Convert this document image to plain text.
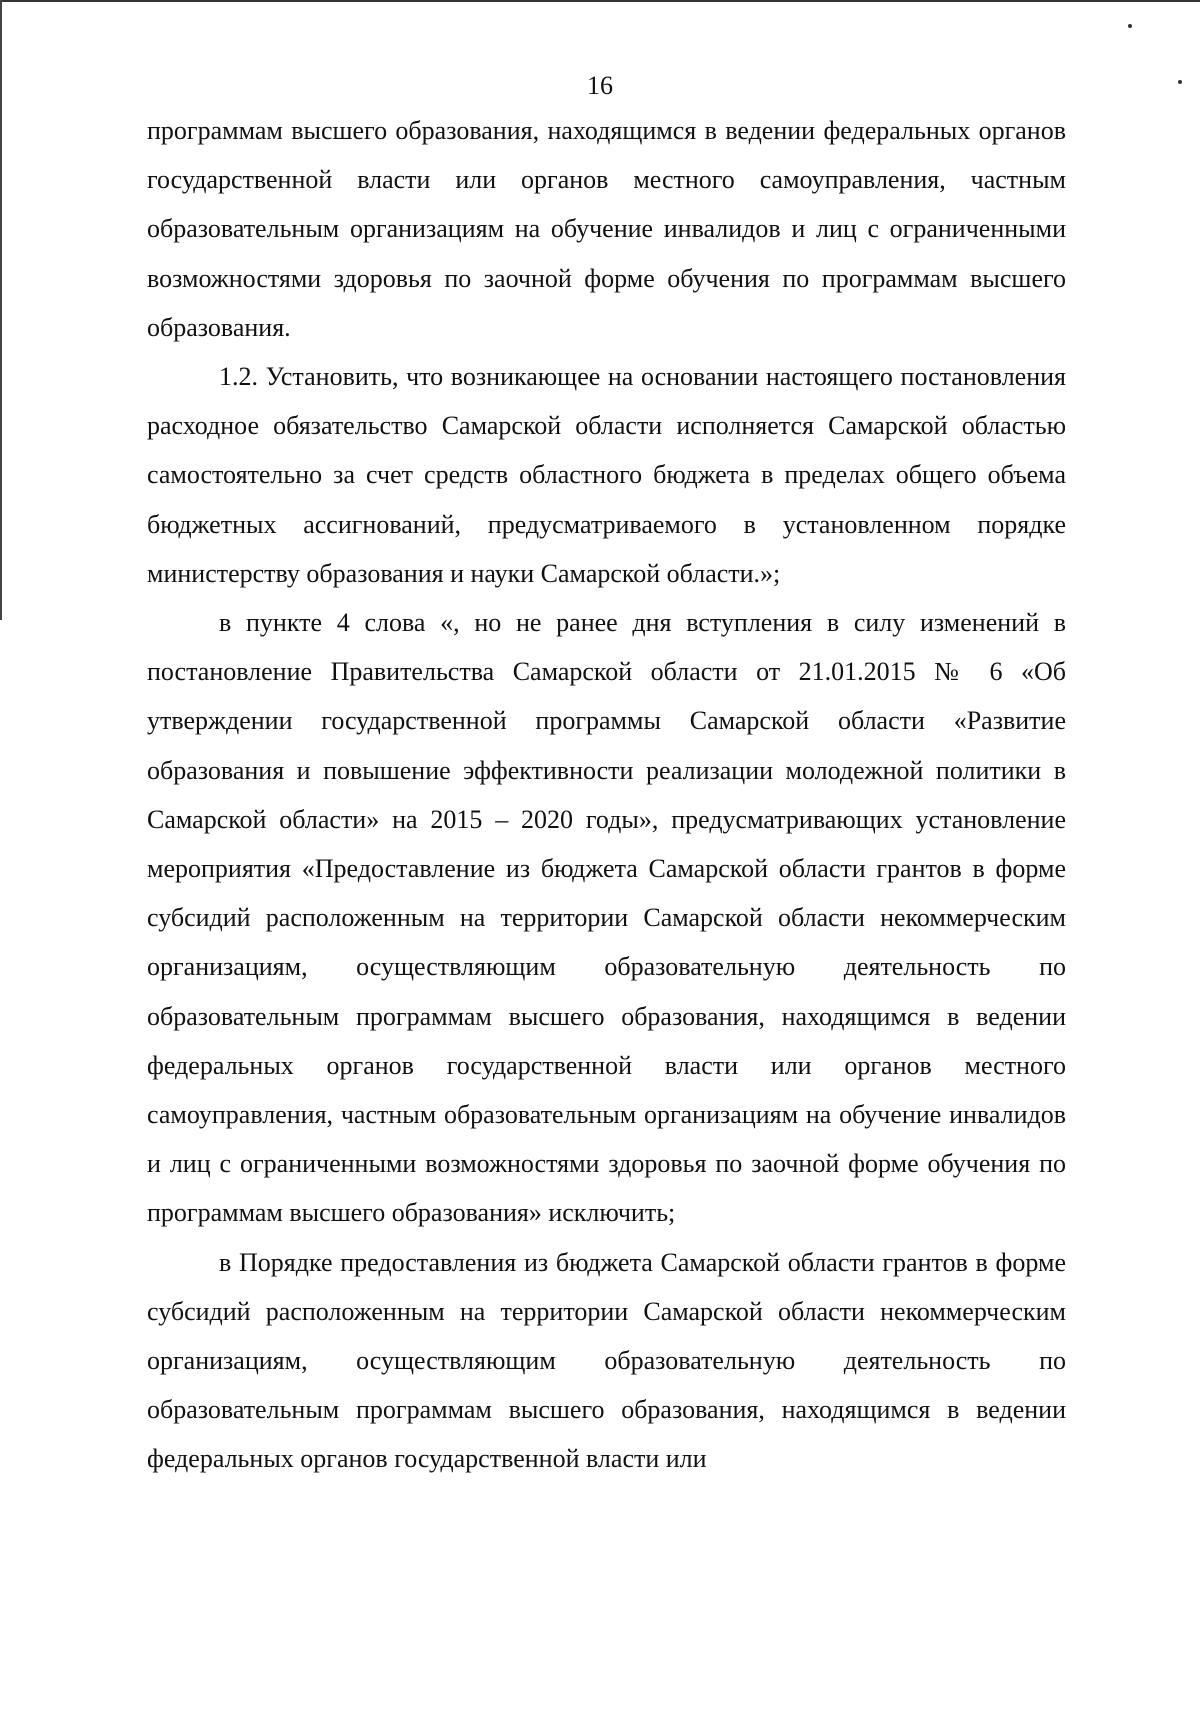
16

программам высшего образования, находящимся в ведении федеральных органов государственной власти или органов местного самоуправления, частным образовательным организациям на обучение инвалидов и лиц с ограниченными возможностями здоровья по заочной форме обучения по программам высшего образования.

1.2. Установить, что возникающее на основании настоящего постановления расходное обязательство Самарской области исполняется Самарской областью самостоятельно за счет средств областного бюджета в пределах общего объема бюджетных ассигнований, предусматриваемого в установленном порядке министерству образования и науки Самарской области.»;

в пункте 4 слова «, но не ранее дня вступления в силу изменений в постановление Правительства Самарской области от 21.01.2015 № 6 «Об утверждении государственной программы Самарской области «Развитие образования и повышение эффективности реализации молодежной политики в Самарской области» на 2015 – 2020 годы», предусматривающих установление мероприятия «Предоставление из бюджета Самарской области грантов в форме субсидий расположенным на территории Самарской области некоммерческим организациям, осуществляющим образовательную деятельность по образовательным программам высшего образования, находящимся в ведении федеральных органов государственной власти или органов местного самоуправления, частным образовательным организациям на обучение инвалидов и лиц с ограниченными возможностями здоровья по заочной форме обучения по программам высшего образования» исключить;

в Порядке предоставления из бюджета Самарской области грантов в форме субсидий расположенным на территории Самарской области некоммерческим организациям, осуществляющим образовательную деятельность по образовательным программам высшего образования, находящимся в ведении федеральных органов государственной власти или
